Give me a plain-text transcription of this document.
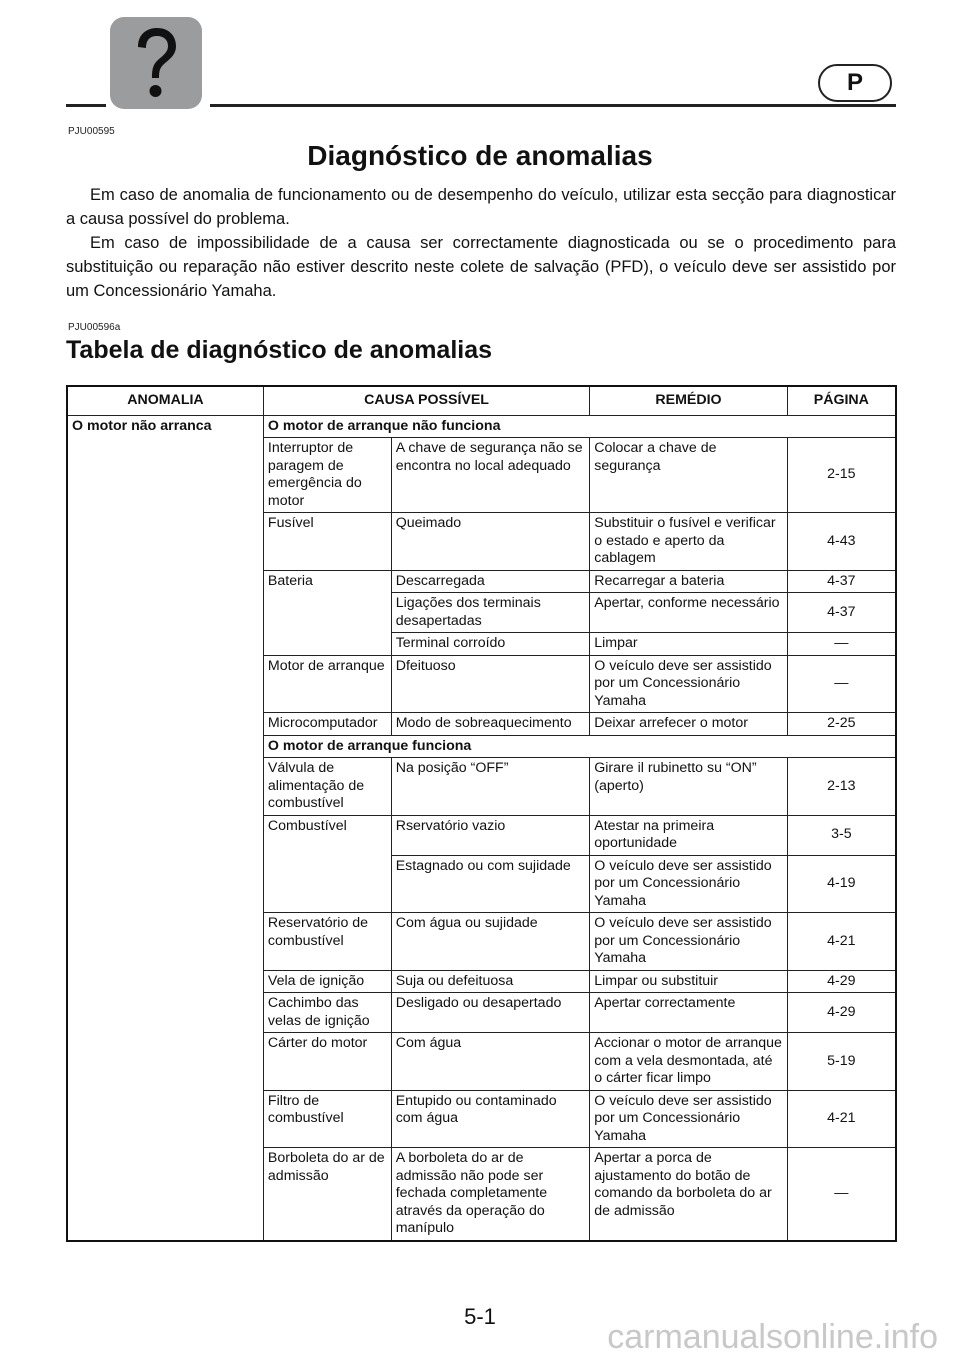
P
PJU00595
Diagnóstico de anomalias

Em caso de anomalia de funcionamento ou de desempenho do veículo, utilizar esta secção para diagnosticar a causa possível do problema.

Em caso de impossibilidade de a causa ser correctamente diagnosticada ou se o procedimento para substituição ou reparação não estiver descrito neste colete de salvação (PFD), o veículo deve ser assistido por um Concessionário Yamaha.

PJU00596a
Tabela de diagnóstico de anomalias
ANOMALIA	CAUSA POSSÍVEL		REMÉDIO	PÁGINA
O motor não arranca	O motor de arranque não funciona			
	Interruptor de paragem de emergência do motor	A chave de segurança não se encontra no local adequado	Colocar a chave de segurança	2-15
	Fusível	Queimado	Substituir o fusível e verificar o estado e aperto da cablagem	4-43
	Bateria	Descarregada	Recarregar a bateria	4-37
		Ligações dos terminais desapertadas	Apertar, conforme necessário	4-37
		Terminal corroído	Limpar	—
	Motor de arranque	Dfeituoso	O veículo deve ser assistido por um Concessionário Yamaha	—
	Microcomputador	Modo de sobreaquecimento	Deixar arrefecer o motor	2-25
	O motor de arranque funciona			
	Válvula de alimentação de combustível	Na posição “OFF”	Girare il rubinetto su “ON” (aperto)	2-13
	Combustível	Rservatório vazio	Atestar na primeira oportunidade	3-5
		Estagnado ou com sujidade	O veículo deve ser assistido por um Concessionário Yamaha	4-19
	Reservatório de combustível	Com água ou sujidade	O veículo deve ser assistido por um Concessionário Yamaha	4-21
	Vela de ignição	Suja ou defeituosa	Limpar ou substituir	4-29
	Cachimbo das velas de ignição	Desligado ou desapertado	Apertar correctamente	4-29
	Cárter do motor	Com água	Accionar o motor de arranque com a vela desmontada, até o cárter ficar limpo	5-19
	Filtro de combustível	Entupido ou contaminado com água	O veículo deve ser assistido por um Concessionário Yamaha	4-21
	Borboleta do ar de admissão	A borboleta do ar de admissão não pode ser fechada completamente através da operação do manípulo	Apertar a porca de ajustamento do botão de comando da borboleta do ar de admissão	—
5-1
carmanualsonline.info
